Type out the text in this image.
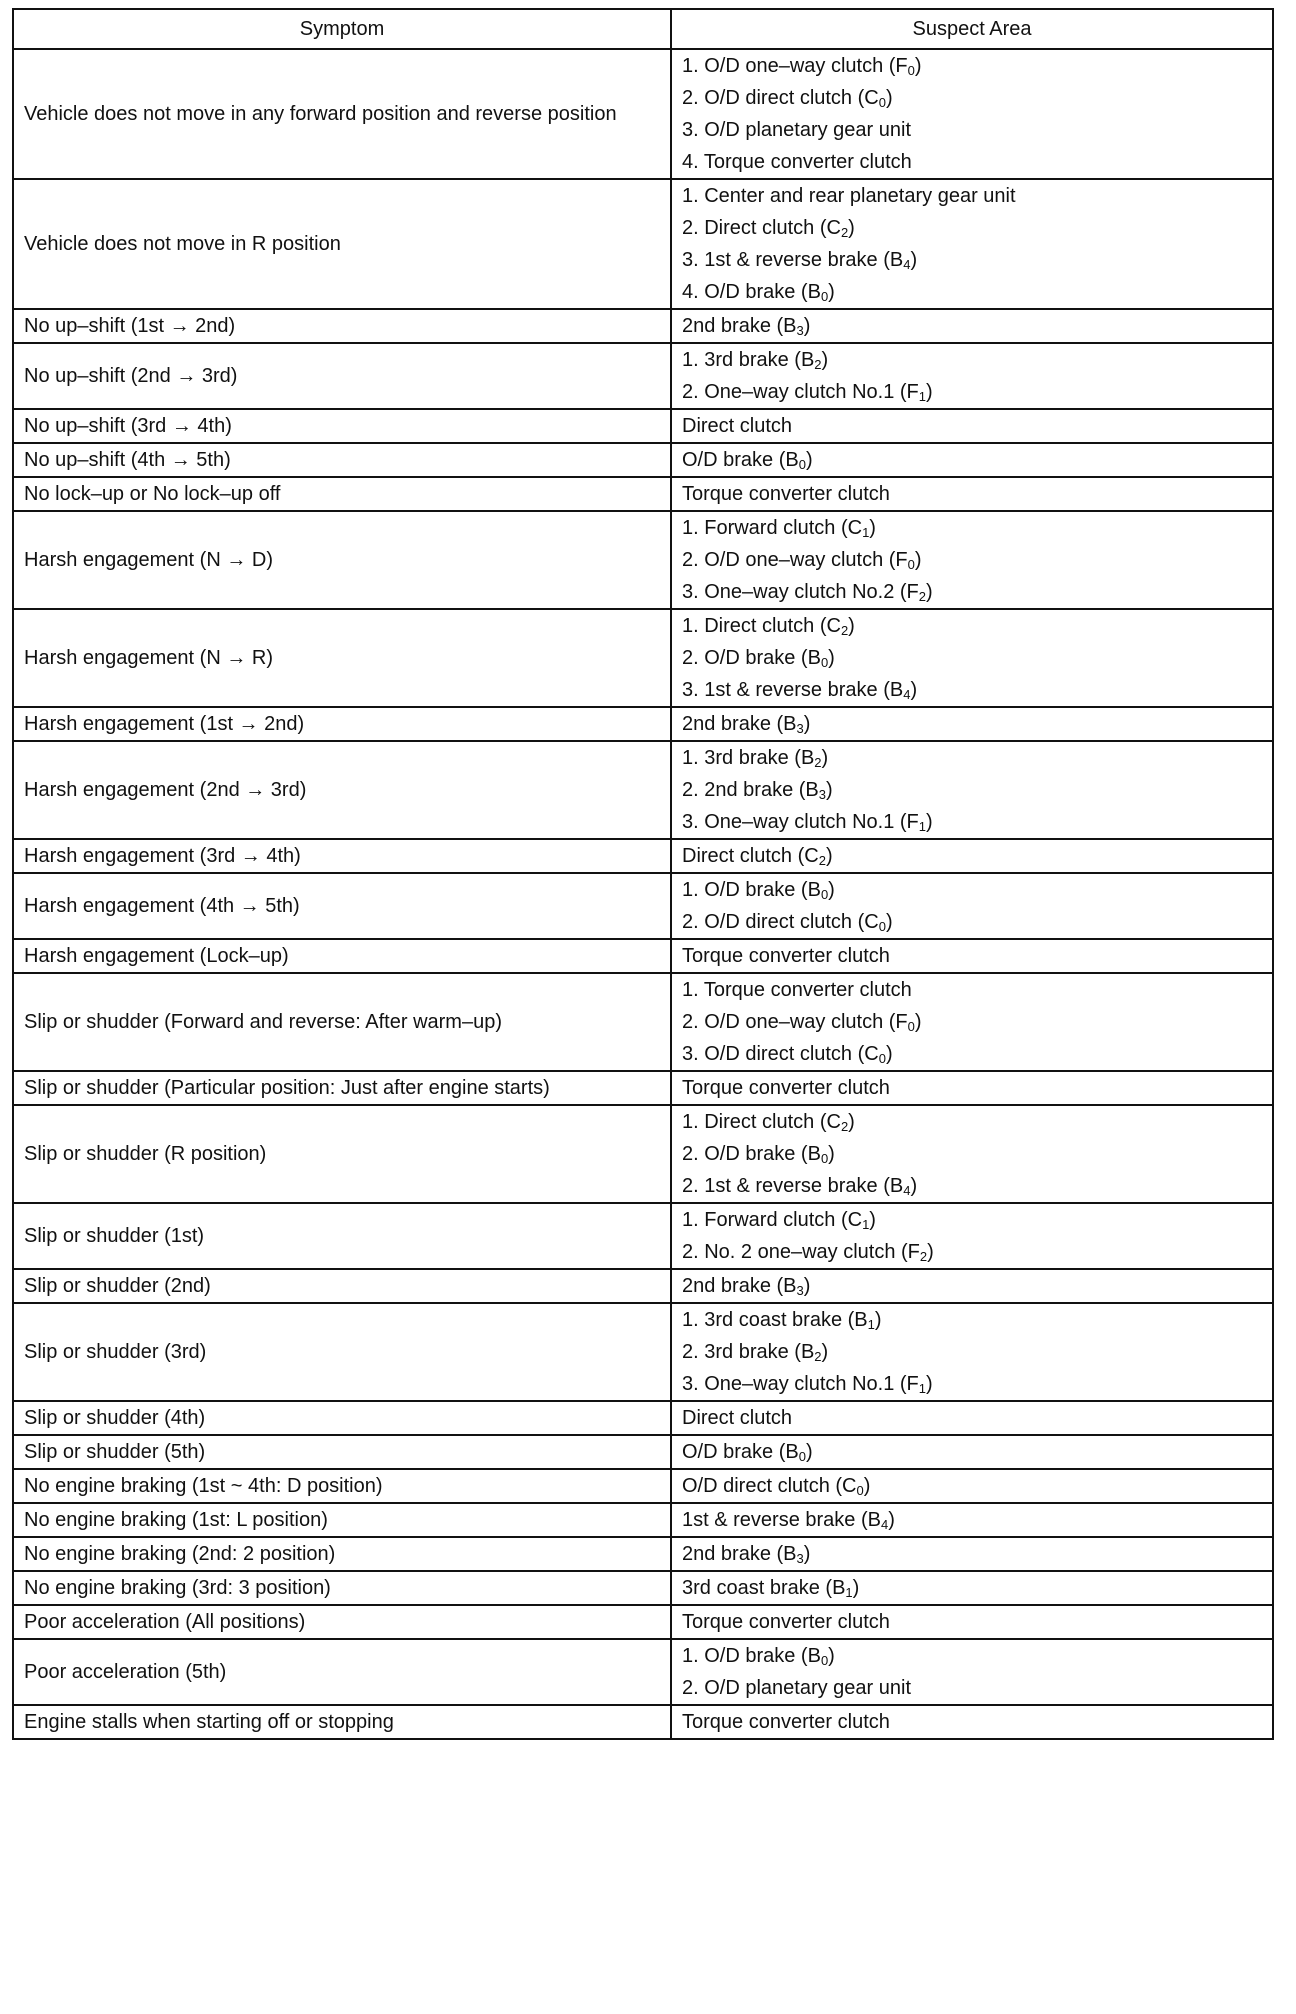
Symptom	Suspect Area
Vehicle does not move in any forward position and reverse position	1. O/D one–way clutch $(F_0)$
2. O/D direct clutch $(C_0)$
3. O/D planetary gear unit
4. Torque converter clutch

Vehicle does not move in R position	1. Center and rear planetary gear unit
2. Direct clutch $(C_2)$
3. 1st & reverse brake $(B_4)$
4. O/D brake $(B_0)$

No up–shift (1st → 2nd)	2nd brake $(B_3)$

No up–shift (2nd → 3rd)	1. 3rd brake $(B_2)$
2. One–way clutch No.1 $(F_1)$

No up–shift (3rd → 4th)	Direct clutch

No up–shift (4th → 5th)	O/D brake $(B_0)$

No lock–up or No lock–up off	Torque converter clutch

Harsh engagement (N → D)	1. Forward clutch $(C_1)$
2. O/D one–way clutch $(F_0)$
3. One–way clutch No.2 $(F_2)$

Harsh engagement (N → R)	1. Direct clutch $(C_2)$
2. O/D brake $(B_0)$
3. 1st & reverse brake $(B_4)$

Harsh engagement (1st → 2nd)	2nd brake $(B_3)$

Harsh engagement (2nd → 3rd)	1. 3rd brake $(B_2)$
2. 2nd brake $(B_3)$
3. One–way clutch No.1 $(F_1)$

Harsh engagement (3rd → 4th)	Direct clutch $(C_2)$

Harsh engagement (4th → 5th)	1. O/D brake $(B_0)$
2. O/D direct clutch $(C_0)$

Harsh engagement (Lock–up)	Torque converter clutch

Slip or shudder (Forward and reverse: After warm–up)	1. Torque converter clutch
2. O/D one–way clutch $(F_0)$
3. O/D direct clutch $(C_0)$

Slip or shudder (Particular position: Just after engine starts)	Torque converter clutch

Slip or shudder (R position)	1. Direct clutch $(C_2)$
2. O/D brake $(B_0)$
2. 1st & reverse brake $(B_4)$

Slip or shudder (1st)	1. Forward clutch $(C_1)$
2. No. 2 one–way clutch $(F_2)$

Slip or shudder (2nd)	2nd brake $(B_3)$

Slip or shudder (3rd)	1. 3rd coast brake $(B_1)$
2. 3rd brake $(B_2)$
3. One–way clutch No.1 $(F_1)$

Slip or shudder (4th)	Direct clutch

Slip or shudder (5th)	O/D brake $(B_0)$

No engine braking (1st ~ 4th: D position)	O/D direct clutch $(C_0)$

No engine braking (1st: L position)	1st & reverse brake $(B_4)$

No engine braking (2nd: 2 position)	2nd brake $(B_3)$

No engine braking (3rd: 3 position)	3rd coast brake $(B_1)$

Poor acceleration (All positions)	Torque converter clutch

Poor acceleration (5th)	1. O/D brake $(B_0)$
2. O/D planetary gear unit

Engine stalls when starting off or stopping	Torque converter clutch
